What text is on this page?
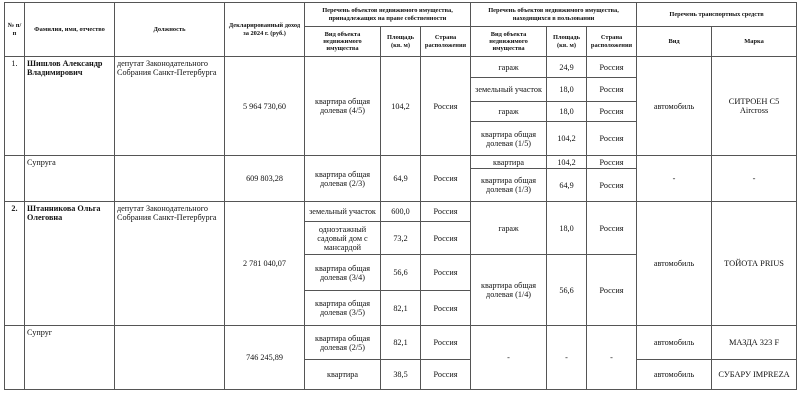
№ п/п	Фамилия, имя, отчество	Должность	Декларированный доход за 2024 г. (руб.)	Перечень объектов недвижимого имущества, принадлежащих на праве собственности			Перечень объектов недвижимого имущества, находящихся в пользовании			Перечень транспортных средств	
				Вид объекта недвижимого имущества	Площадь (кв. м)	Страна расположения	Вид объекта недвижимого имущества	Площадь (кв. м)	Страна расположения	Вид	Марка
1.	Шишлов Александр Владимирович	депутат Законодательного Собрания Санкт-Петербурга	5 964 730,60	квартира общая долевая (4/5)	104,2	Россия	гараж	24,9	Россия	автомобиль	СИТРОЕН C5 Aircross
							земельный участок	18,0	Россия		
							гараж	18,0	Россия		
							квартира общая долевая (1/5)	104,2	Россия		
	Супруга		609 803,28	квартира общая долевая (2/3)	64,9	Россия	квартира	104,2	Россия	-	-
							квартира общая долевая (1/3)	64,9	Россия		
2.	Штанникова Ольга Олеговна	депутат Законодательного Собрания Санкт-Петербурга	2 781 040,07	земельный участок	600,0	Россия	гараж	18,0	Россия	автомобиль	ТОЙОТА PRIUS
				одноэтажный садовый дом с мансардой	73,2	Россия					
				квартира общая долевая (3/4)	56,6	Россия	квартира общая долевая (1/4)	56,6	Россия		
				квартира общая долевая (3/5)	82,1	Россия					
	Супруг		746 245,89	квартира общая долевая (2/5)	82,1	Россия	-	-	-	автомобиль	МАЗДА 323 F
				квартира	38,5	Россия				автомобиль	СУБАРУ IMPREZA
